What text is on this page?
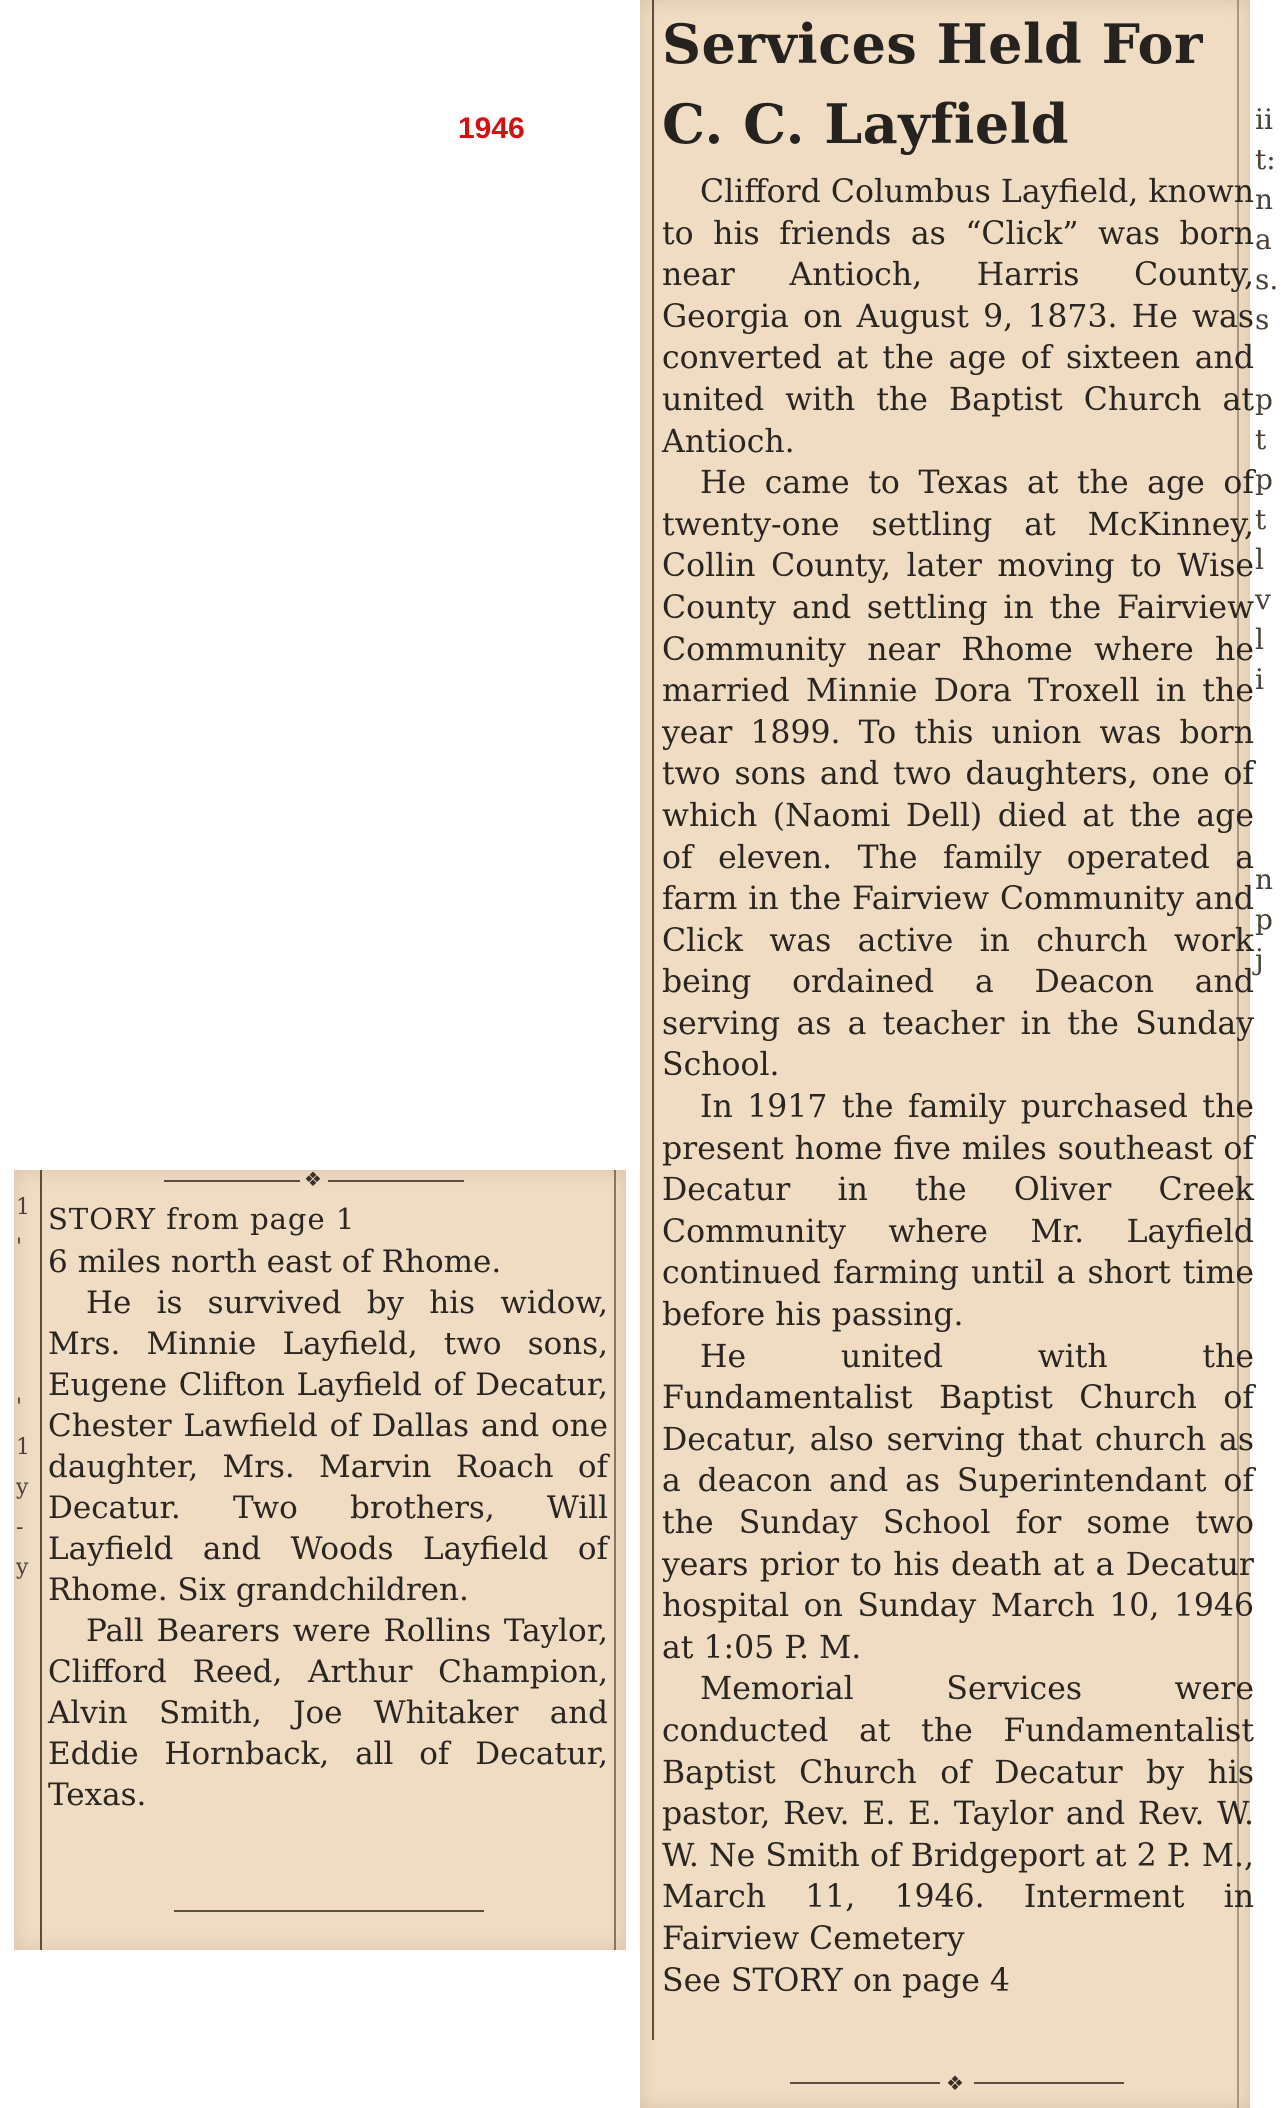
1946
Services Held For
C. C. Layfield

Clifford Columbus Layfield, known to his friends as “Click” was born near Antioch, Harris County, Georgia on August 9, 1873. He was converted at the age of sixteen and united with the Baptist Church at Antioch.

He came to Texas at the age of twenty-one settling at McKinney, Collin County, later moving to Wise County and settling in the Fairview Community near Rhome where he married Minnie Dora Troxell in the year 1899. To this union was born two sons and two daughters, one of which (Naomi Dell) died at the age of eleven. The family operated a farm in the Fairview Community and Click was active in church work being ordained a Deacon and serving as a teacher in the Sunday School.

In 1917 the family purchased the present home five miles southeast of Decatur in the Oliver Creek Community where Mr. Layfield continued farming until a short time before his passing.

He united with the Fundamentalist Baptist Church of Decatur, also serving that church as a deacon and as Superintendant of the Sunday School for some two years prior to his death at a Decatur hospital on Sunday March 10, 1946 at 1:05 P. M.

Memorial Services were conducted at the Fundamentalist Baptist Church of Decatur by his pastor, Rev. E. E. Taylor and Rev. W. W. Ne Smith of Bridgeport at 2 P. M., March 11, 1946. Interment in Fairview Cemetery

See STORY on page 4

❖
ii
t:
n
a
s.
s
p
t
p
t
l
v
l
i
n
p
j
1
'
'
1
y
-
y
❖

STORY from page 1

6 miles north east of Rhome.

He is survived by his widow, Mrs. Minnie Layfield, two sons, Eugene Clifton Layfield of Decatur, Chester Lawfield of Dallas and one daughter, Mrs. Marvin Roach of Decatur. Two brothers, Will Layfield and Woods Layfield of Rhome. Six grandchildren.

Pall Bearers were Rollins Taylor, Clifford Reed, Arthur Champion, Alvin Smith, Joe Whitaker and Eddie Hornback, all of Decatur, Texas.
